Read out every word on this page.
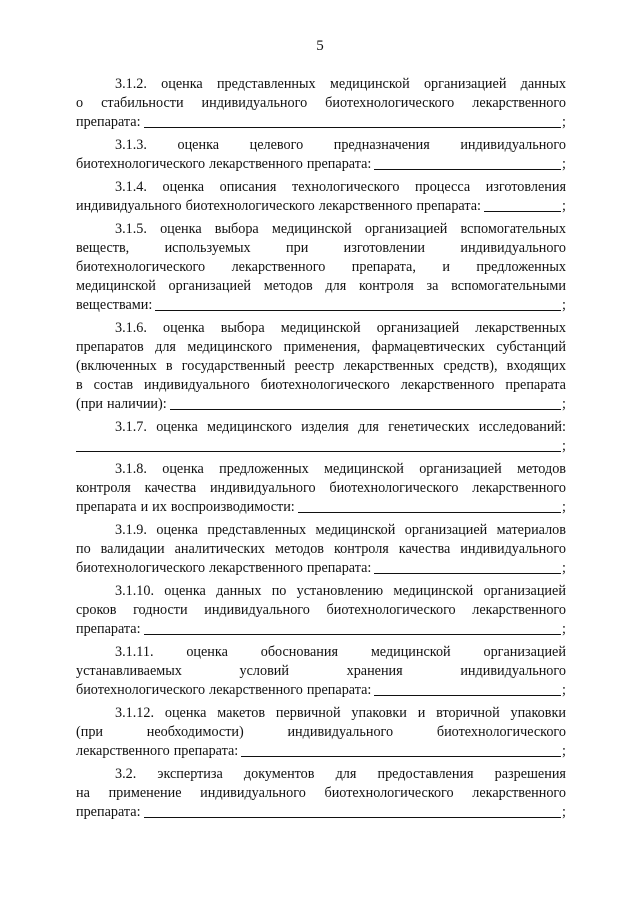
5
3.1.2. оценка представленных медицинской организацией данных
о стабильности индивидуального биотехнологического лекарственного
препарата:	;
3.1.3. оценка целевого предназначения индивидуального
биотехнологического лекарственного препарата:	;
3.1.4. оценка описания технологического процесса изготовления
индивидуального биотехнологического лекарственного препарата:	;
3.1.5. оценка выбора медицинской организацией вспомогательных
веществ, используемых при изготовлении индивидуального
биотехнологического лекарственного препарата, и предложенных
медицинской организацией методов для контроля за вспомогательными
веществами:	;
3.1.6. оценка выбора медицинской организацией лекарственных
препаратов для медицинского применения, фармацевтических субстанций
(включенных в государственный реестр лекарственных средств), входящих
в состав индивидуального биотехнологического лекарственного препарата
(при наличии):	;
3.1.7. оценка медицинского изделия для генетических исследований:
;
3.1.8. оценка предложенных медицинской организацией методов
контроля качества индивидуального биотехнологического лекарственного
препарата и их воспроизводимости:	;
3.1.9. оценка представленных медицинской организацией материалов
по валидации аналитических методов контроля качества индивидуального
биотехнологического лекарственного препарата:	;
3.1.10. оценка данных по установлению медицинской организацией
сроков годности индивидуального биотехнологического лекарственного
препарата:	;
3.1.11. оценка обоснования медицинской организацией
устанавливаемых	условий	хранения	индивидуального
биотехнологического лекарственного препарата:	;
3.1.12. оценка макетов первичной упаковки и вторичной упаковки
(при	необходимости)	индивидуального	биотехнологического
лекарственного препарата:	;
3.2. экспертиза документов для предоставления разрешения
на применение индивидуального биотехнологического лекарственного
препарата:	;
